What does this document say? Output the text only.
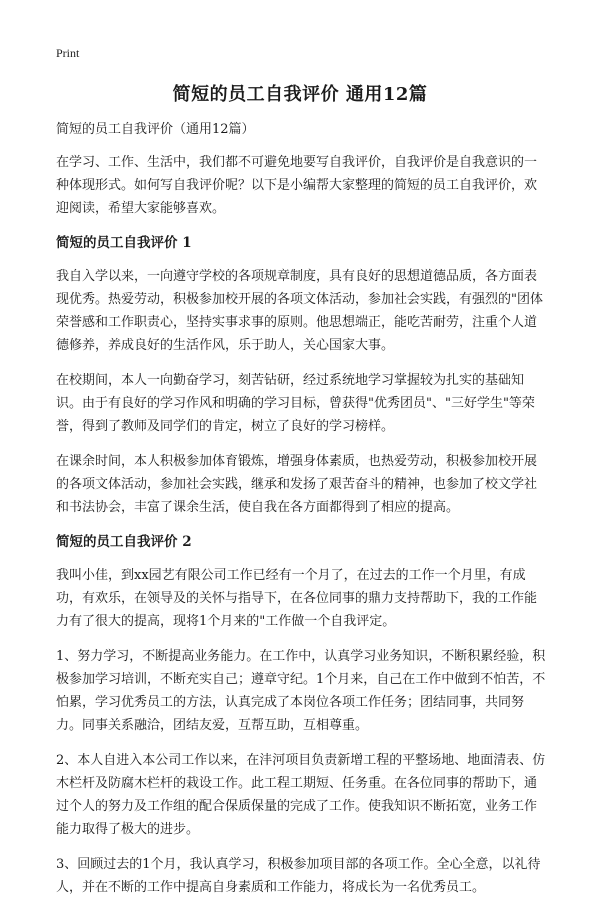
Print
简短的员工自我评价 通用12篇

简短的员工自我评价（通用12篇）

在学习、工作、生活中，我们都不可避免地要写自我评价，自我评价是自我意识的一种体现形式。如何写自我评价呢？以下是小编帮大家整理的简短的员工自我评价，欢迎阅读，希望大家能够喜欢。

简短的员工自我评价 1

我自入学以来，一向遵守学校的各项规章制度，具有良好的思想道德品质，各方面表现优秀。热爱劳动，积极参加校开展的各项文体活动，参加社会实践，有强烈的"团体荣誉感和工作职责心，坚持实事求事的原则。他思想端正，能吃苦耐劳，注重个人道德修养，养成良好的生活作风，乐于助人，关心国家大事。

在校期间，本人一向勤奋学习，刻苦钻研，经过系统地学习掌握较为扎实的基础知识。由于有良好的学习作风和明确的学习目标，曾获得"优秀团员"、"三好学生"等荣誉，得到了教师及同学们的肯定，树立了良好的学习榜样。

在课余时间，本人积极参加体育锻炼，增强身体素质，也热爱劳动，积极参加校开展的各项文体活动，参加社会实践，继承和发扬了艰苦奋斗的精神，也参加了校文学社和书法协会，丰富了课余生活，使自我在各方面都得到了相应的提高。

简短的员工自我评价 2

我叫小佳，到xx园艺有限公司工作已经有一个月了，在过去的工作一个月里，有成功，有欢乐，在领导及的关怀与指导下，在各位同事的鼎力支持帮助下，我的工作能力有了很大的提高，现将1个月来的"工作做一个自我评定。

1、努力学习，不断提高业务能力。在工作中，认真学习业务知识，不断积累经验，积极参加学习培训，不断充实自己；遵章守纪。1个月来，自己在工作中做到不怕苦，不怕累，学习优秀员工的方法，认真完成了本岗位各项工作任务；团结同事，共同努力。同事关系融洽，团结友爱，互帮互助，互相尊重。

2、本人自进入本公司工作以来，在沣河项目负责新增工程的平整场地、地面清表、仿木栏杆及防腐木栏杆的栽设工作。此工程工期短、任务重。在各位同事的帮助下，通过个人的努力及工作组的配合保质保量的完成了工作。使我知识不断拓宽，业务工作能力取得了极大的进步。

3、回顾过去的1个月，我认真学习，积极参加项目部的各项工作。全心全意，以礼待人，并在不断的工作中提高自身素质和工作能力，将成长为一名优秀员工。
